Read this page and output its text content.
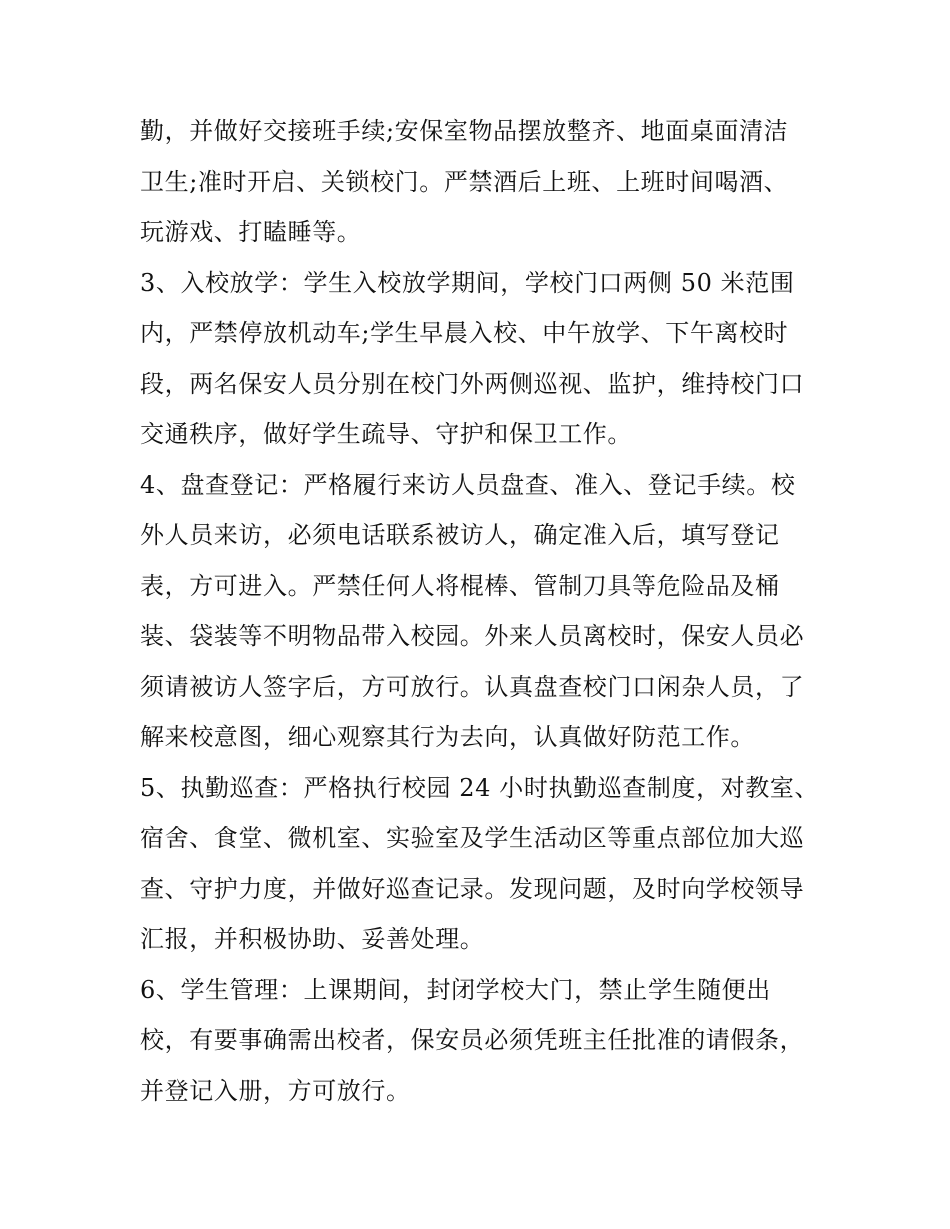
勤，并做好交接班手续;安保室物品摆放整齐、地面桌面清洁
卫生;准时开启、关锁校门。严禁酒后上班、上班时间喝酒、
玩游戏、打瞌睡等。
3、入校放学：学生入校放学期间，学校门口两侧 50 米范围
内，严禁停放机动车;学生早晨入校、中午放学、下午离校时
段，两名保安人员分别在校门外两侧巡视、监护，维持校门口
交通秩序，做好学生疏导、守护和保卫工作。
4、盘查登记：严格履行来访人员盘查、准入、登记手续。校
外人员来访，必须电话联系被访人，确定准入后，填写登记
表，方可进入。严禁任何人将棍棒、管制刀具等危险品及桶
装、袋装等不明物品带入校园。外来人员离校时，保安人员必
须请被访人签字后，方可放行。认真盘查校门口闲杂人员，了
解来校意图，细心观察其行为去向，认真做好防范工作。
5、执勤巡查：严格执行校园 24 小时执勤巡查制度，对教室、
宿舍、食堂、微机室、实验室及学生活动区等重点部位加大巡
查、守护力度，并做好巡查记录。发现问题，及时向学校领导
汇报，并积极协助、妥善处理。
6、学生管理：上课期间，封闭学校大门，禁止学生随便出
校，有要事确需出校者，保安员必须凭班主任批准的请假条，
并登记入册，方可放行。
